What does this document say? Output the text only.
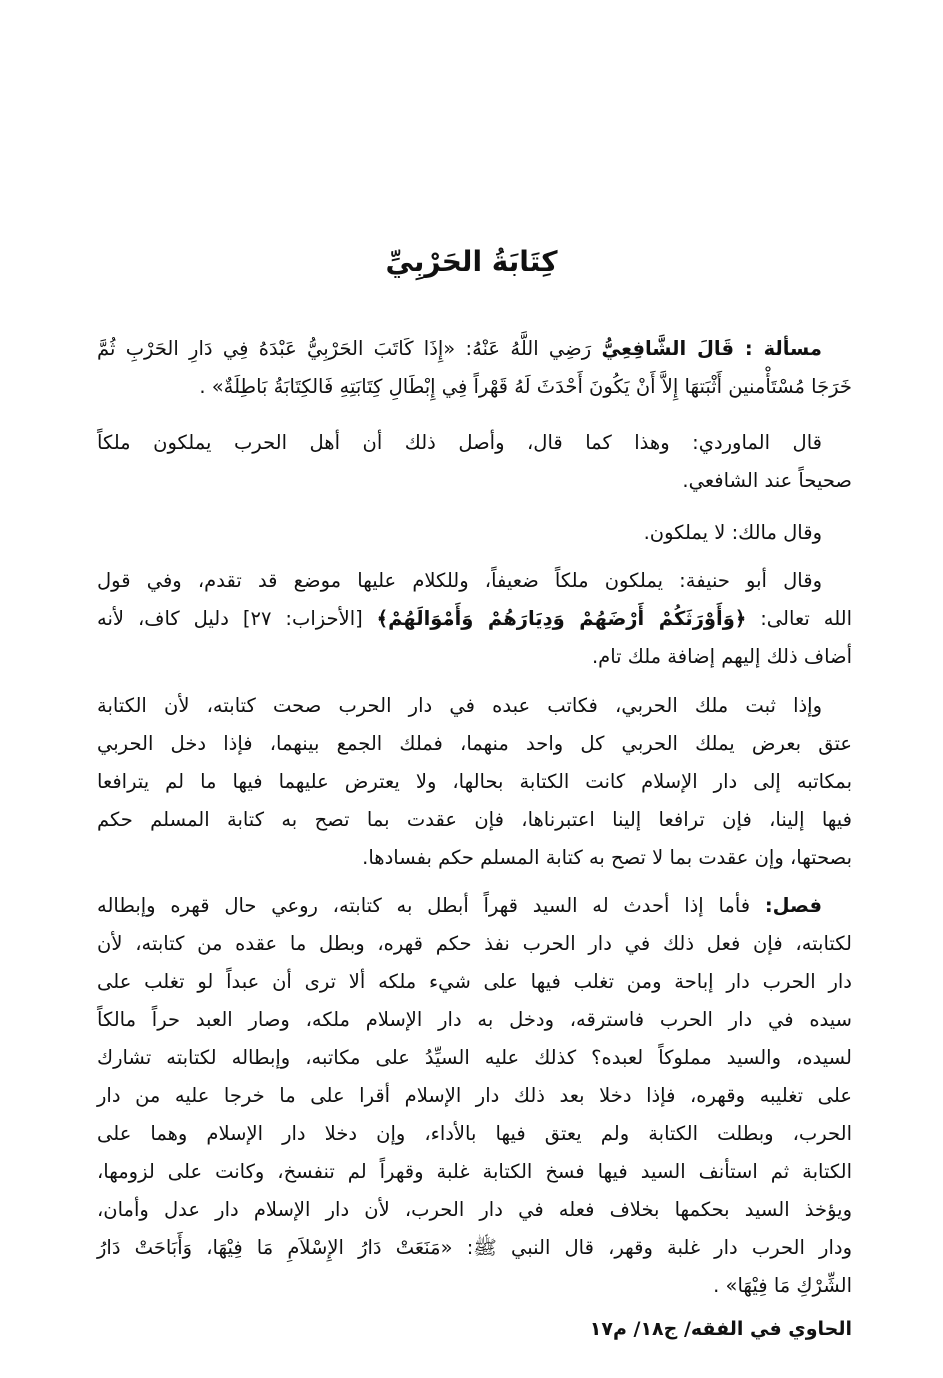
كِتَابَةُ الحَرْبِيِّ
مسألة : قَالَ الشَّافِعِيُّ رَضِي اللَّهُ عَنْهُ: «إِذَا كَاتَبَ الحَرْبِيُّ عَبْدَهُ فِي دَارِ الحَرْبِ ثُمَّ
خَرَجَا مُسْتَأْمنين أَثْبَتهَا إِلاَّ أَنْ يَكُونَ أَحْدَثَ لَهُ قَهْراً فِي إِبْطَالِ كِتَابَتِهِ فَالكِتَابَةُ بَاطِلَةٌ» .
قال الماوردي: وهذا كما قال، وأصل ذلك أن أهل الحرب يملكون ملكاً
صحيحاً عند الشافعي.
وقال مالك: لا يملكون.
وقال أبو حنيفة: يملكون ملكاً ضعيفاً، وللكلام عليها موضع قد تقدم، وفي قول
الله تعالى: ﴿وَأَوْرَثَكُمْ أَرْضَهُمْ وَدِيَارَهُمْ وَأَمْوَالَهُمْ﴾ [الأحزاب: ٢٧] دليل كاف، لأنه
أضاف ذلك إليهم إضافة ملك تام.
وإذا ثبت ملك الحربي، فكاتب عبده في دار الحرب صحت كتابته، لأن الكتابة
عتق بعرض يملك الحربي كل واحد منهما، فملك الجمع بينهما، فإذا دخل الحربي
بمكاتبه إلى دار الإسلام كانت الكتابة بحالها، ولا يعترض عليهما فيها ما لم يترافعا
فيها إلينا، فإن ترافعا إلينا اعتبرناها، فإن عقدت بما تصح به كتابة المسلم حكم
بصحتها، وإن عقدت بما لا تصح به كتابة المسلم حكم بفسادها.
فصل: فأما إذا أحدث له السيد قهراً أبطل به كتابته، روعي حال قهره وإبطاله
لكتابته، فإن فعل ذلك في دار الحرب نفذ حكم قهره، وبطل ما عقده من كتابته، لأن
دار الحرب دار إباحة ومن تغلب فيها على شيء ملكه ألا ترى أن عبداً لو تغلب على
سيده في دار الحرب فاسترقه، ودخل به دار الإسلام ملكه، وصار العبد حراً مالكاً
لسيده، والسيد مملوكاً لعبده؟ كذلك عليه السيِّدُ على مكاتبه، وإبطاله لكتابته تشارك
على تغليبه وقهره، فإذا دخلا بعد ذلك دار الإسلام أقرا على ما خرجا عليه من دار
الحرب، وبطلت الكتابة ولم يعتق فيها بالأداء، وإن دخلا دار الإسلام وهما على
الكتابة ثم استأنف السيد فيها فسخ الكتابة غلبة وقهراً لم تنفسخ، وكانت على لزومها،
ويؤخذ السيد بحكمها بخلاف فعله في دار الحرب، لأن دار الإسلام دار عدل وأمان،
ودار الحرب دار غلبة وقهر، قال النبي ﷺ: «مَنَعَتْ دَارُ الإِسْلاَمِ مَا فِيْهَا، وَأَبَاحَتْ دَارُ
الشِّرْكِ مَا فِيْهَا» .
الحاوي في الفقه/ ج١٨/ م١٧
